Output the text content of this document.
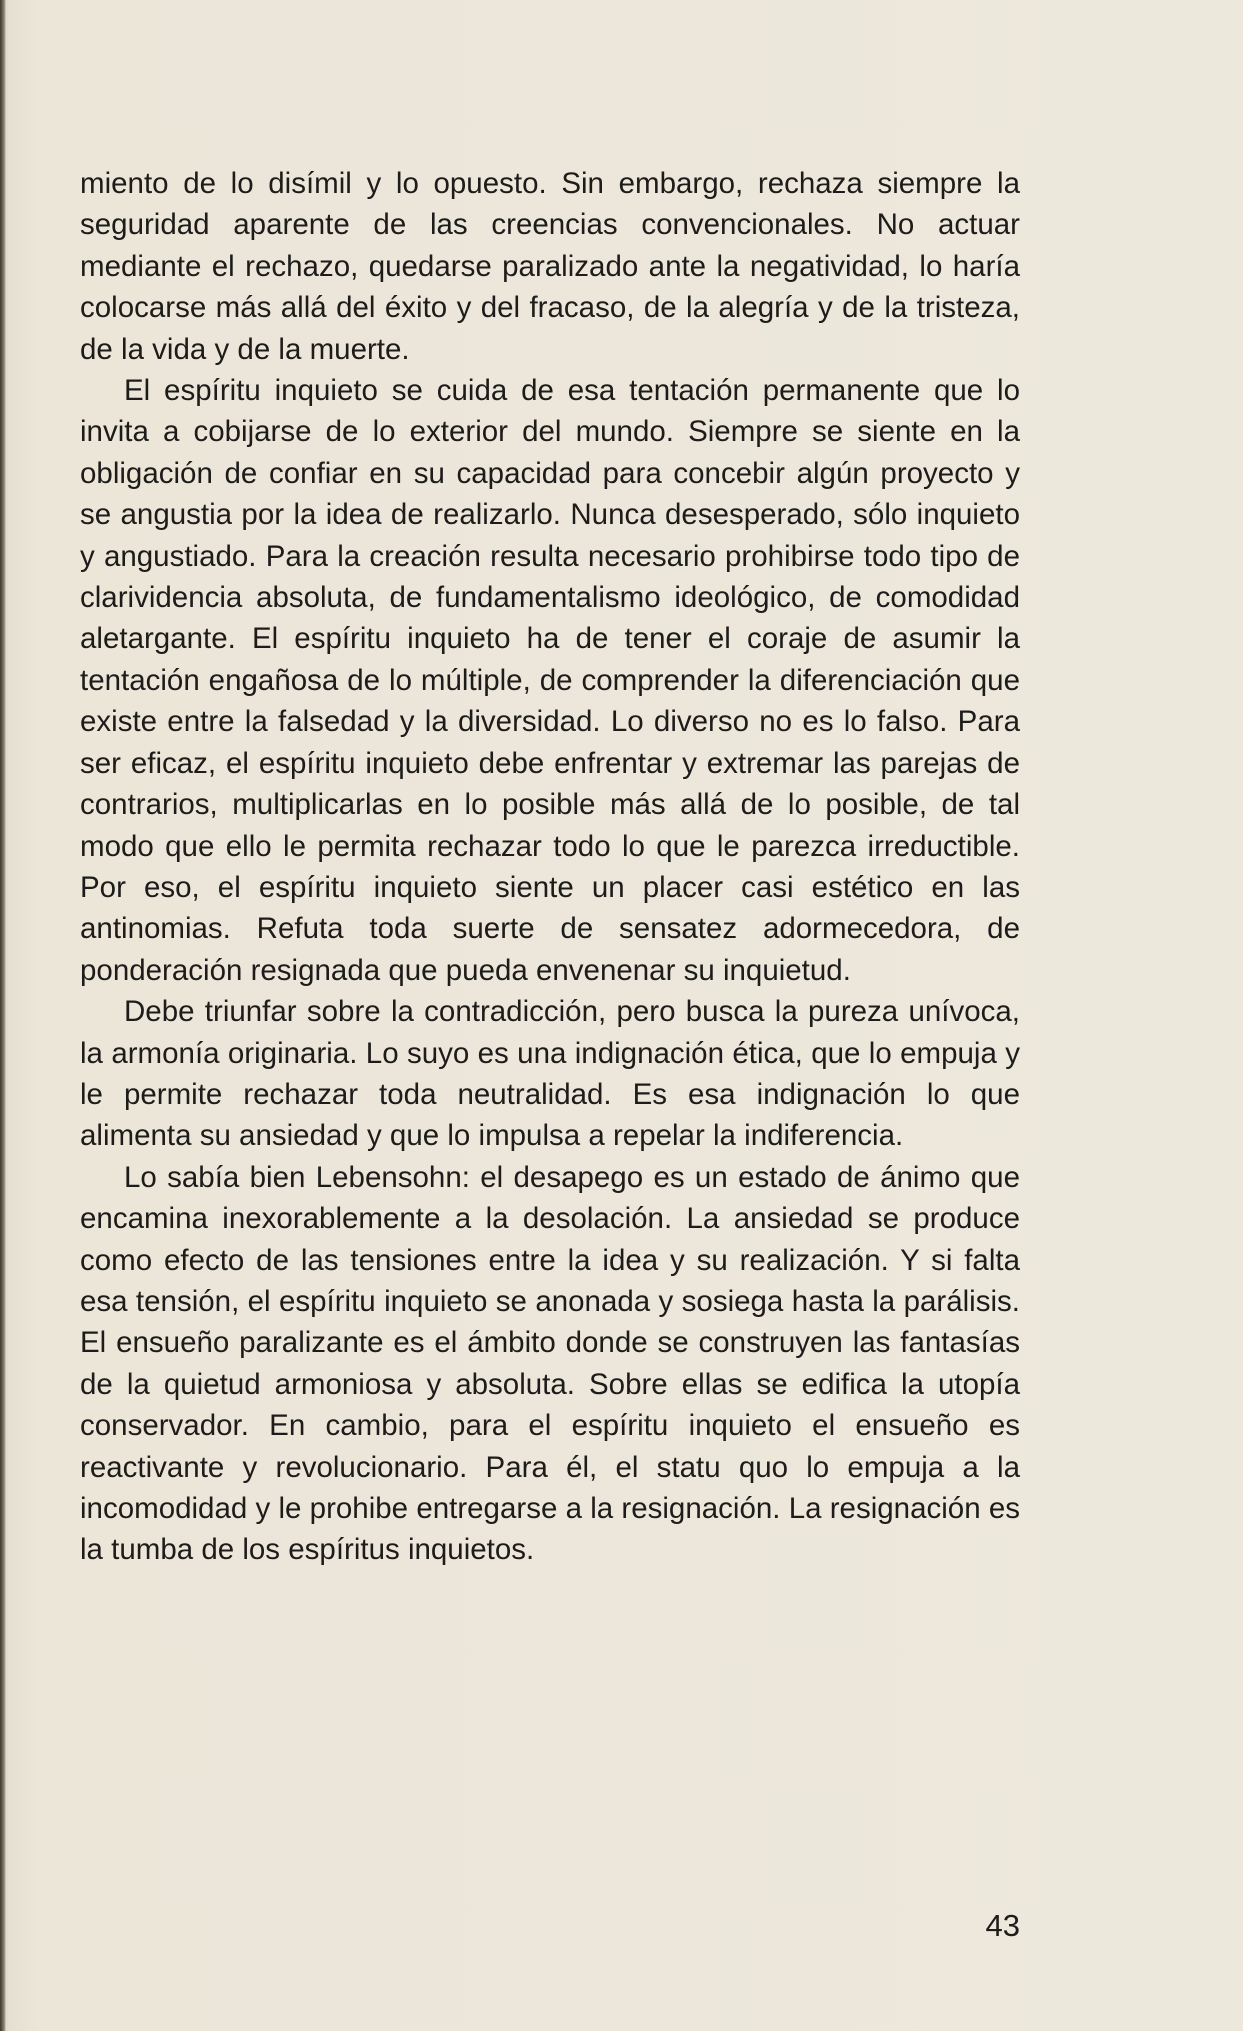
miento de lo disímil y lo opuesto. Sin embargo, rechaza siempre la seguridad aparente de las creencias convencionales. No actuar mediante el rechazo, quedarse paralizado ante la negatividad, lo haría colocarse más allá del éxito y del fracaso, de la alegría y de la tristeza, de la vida y de la muerte.

El espíritu inquieto se cuida de esa tentación permanente que lo invita a cobijarse de lo exterior del mundo. Siempre se siente en la obligación de confiar en su capacidad para concebir algún proyecto y se angustia por la idea de realizarlo. Nunca desesperado, sólo inquieto y angustiado. Para la creación resulta necesario prohibirse todo tipo de clarividencia absoluta, de fundamentalismo ideológico, de comodidad aletargante. El espíritu inquieto ha de tener el coraje de asumir la tentación engañosa de lo múltiple, de comprender la diferenciación que existe entre la falsedad y la diversidad. Lo diverso no es lo falso. Para ser eficaz, el espíritu inquieto debe enfrentar y extremar las parejas de contrarios, multiplicarlas en lo posible más allá de lo posible, de tal modo que ello le permita rechazar todo lo que le parezca irreductible. Por eso, el espíritu inquieto siente un placer casi estético en las antinomias. Refuta toda suerte de sensatez adormecedora, de ponderación resignada que pueda envenenar su inquietud.

Debe triunfar sobre la contradicción, pero busca la pureza unívoca, la armonía originaria. Lo suyo es una indignación ética, que lo empuja y le permite rechazar toda neutralidad. Es esa indignación lo que alimenta su ansiedad y que lo impulsa a repelar la indiferencia.

Lo sabía bien Lebensohn: el desapego es un estado de ánimo que encamina inexorablemente a la desolación. La ansiedad se produce como efecto de las tensiones entre la idea y su realización. Y si falta esa tensión, el espíritu inquieto se anonada y sosiega hasta la parálisis. El ensueño paralizante es el ámbito donde se construyen las fantasías de la quietud armoniosa y absoluta. Sobre ellas se edifica la utopía conservador. En cambio, para el espíritu inquieto el ensueño es reactivante y revolucionario. Para él, el statu quo lo empuja a la incomodidad y le prohibe entregarse a la resignación. La resignación es la tumba de los espíritus inquietos.

43
